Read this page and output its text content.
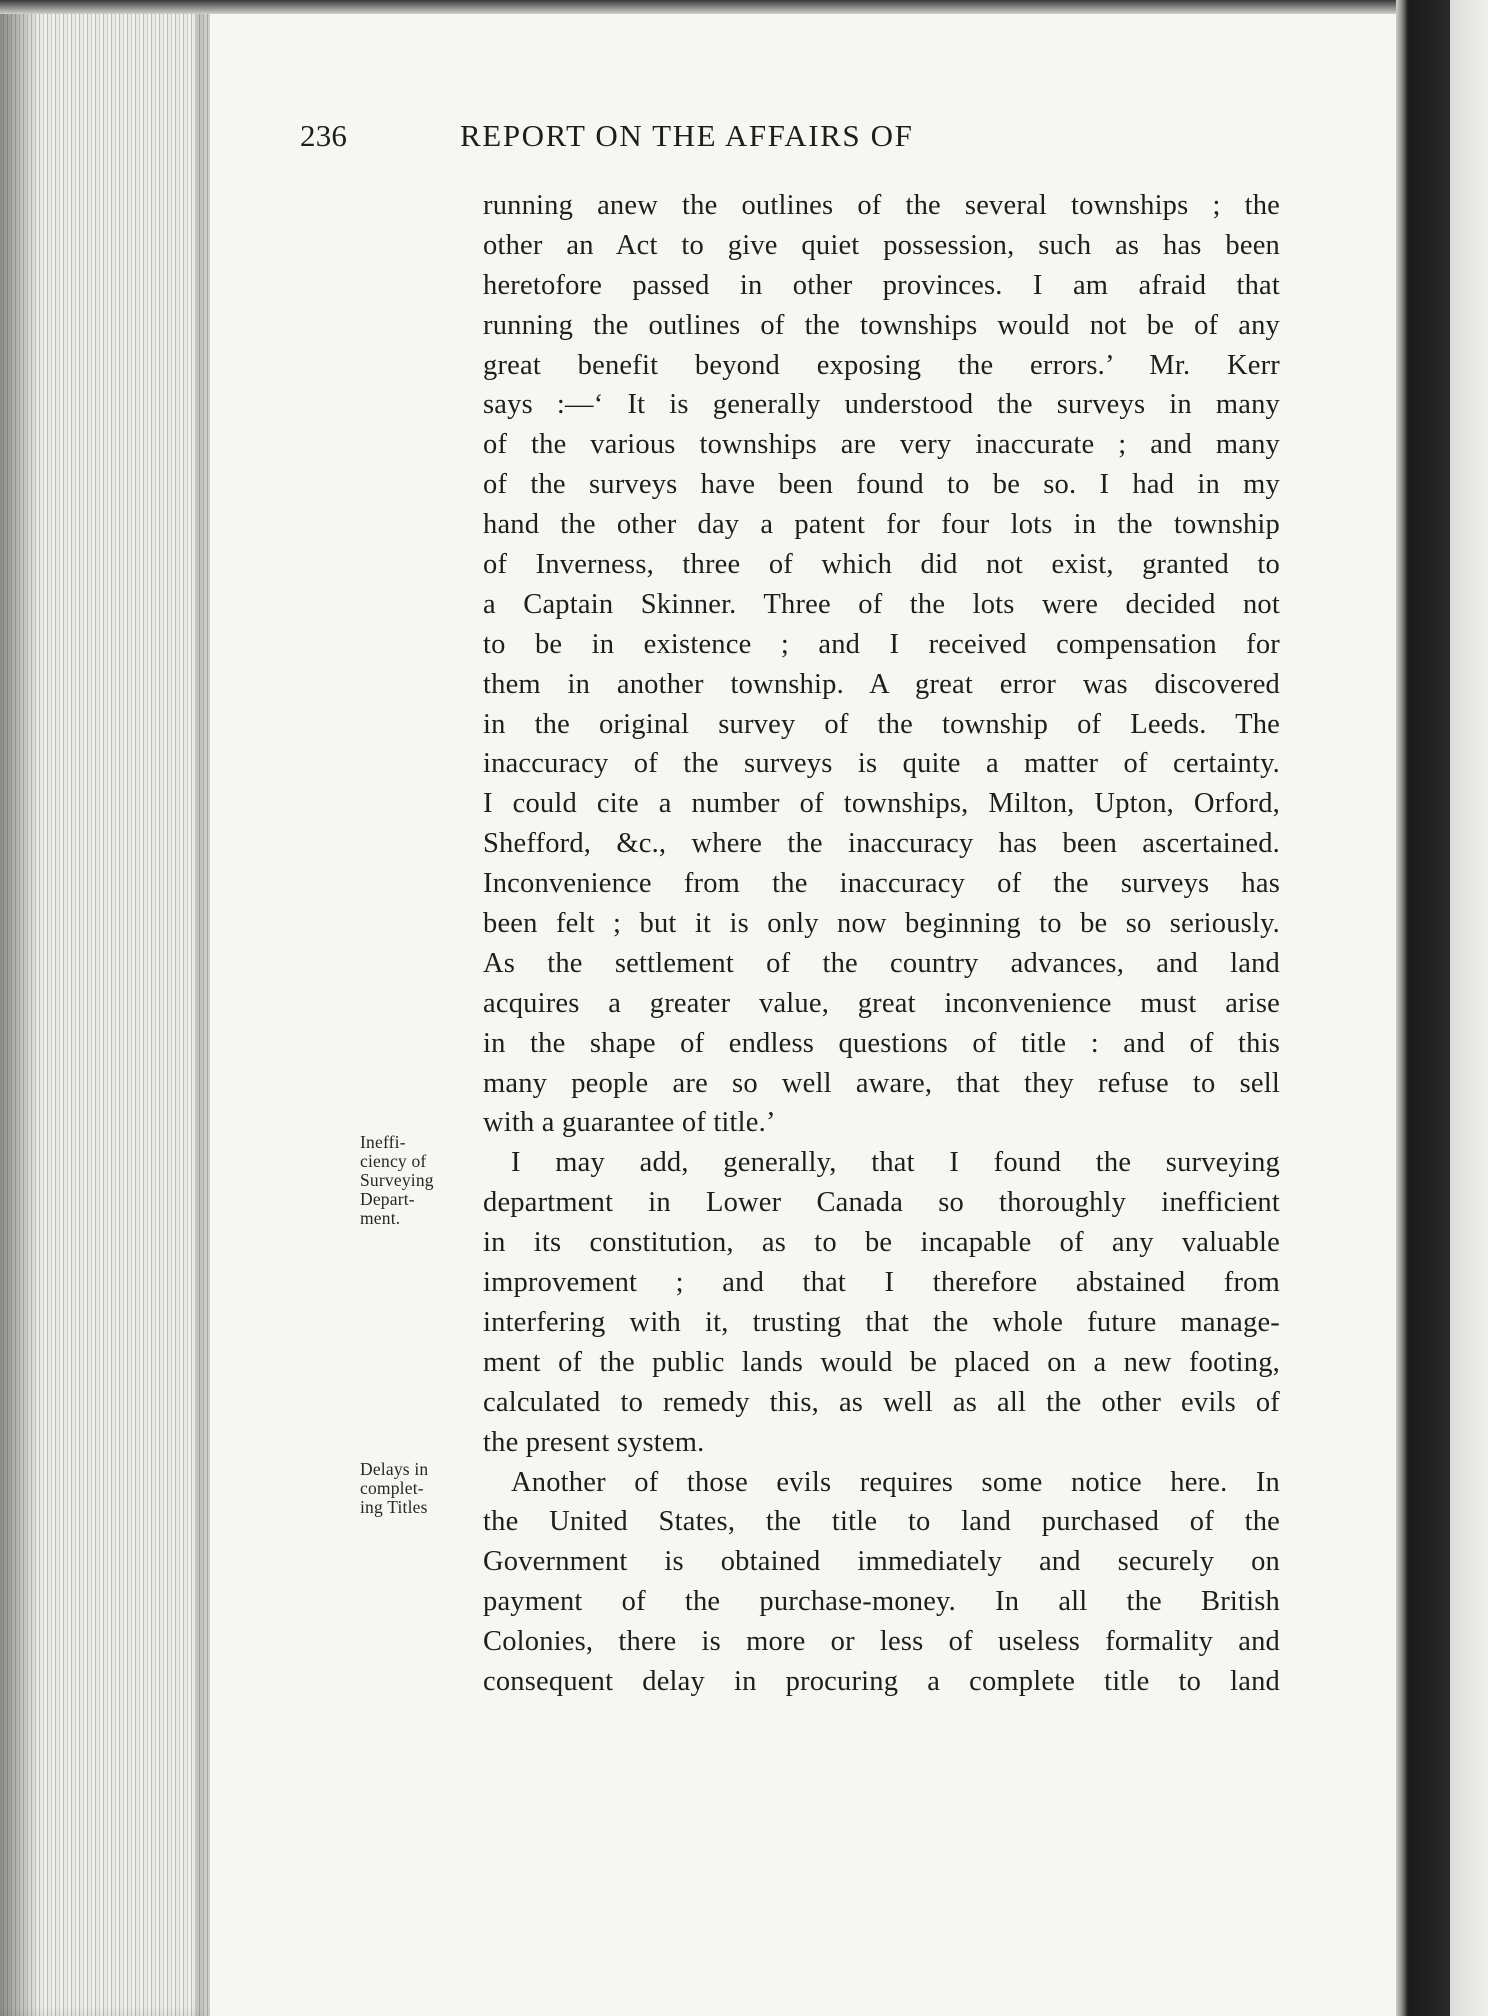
236	REPORT ON THE AFFAIRS OF
Ineffi-
ciency of
Surveying
Depart-
ment.
Delays in
complet-
ing Titles
running anew the outlines of the several townships ; the
other an Act to give quiet possession, such as has been
heretofore passed in other provinces. I am afraid that
running the outlines of the townships would not be of any
great benefit beyond exposing the errors.’ Mr. Kerr
says :—‘ It is generally understood the surveys in many
of the various townships are very inaccurate ; and many
of the surveys have been found to be so. I had in my
hand the other day a patent for four lots in the township
of Inverness, three of which did not exist, granted to
a Captain Skinner. Three of the lots were decided not
to be in existence ; and I received compensation for
them in another township. A great error was discovered
in the original survey of the township of Leeds. The
inaccuracy of the surveys is quite a matter of certainty.
I could cite a number of townships, Milton, Upton, Orford,
Shefford, &c., where the inaccuracy has been ascertained.
Inconvenience from the inaccuracy of the surveys has
been felt ; but it is only now beginning to be so seriously.
As the settlement of the country advances, and land
acquires a greater value, great inconvenience must arise
in the shape of endless questions of title : and of this
many people are so well aware, that they refuse to sell
with a guarantee of title.’
I may add, generally, that I found the surveying
department in Lower Canada so thoroughly inefficient
in its constitution, as to be incapable of any valuable
improvement ; and that I therefore abstained from
interfering with it, trusting that the whole future manage-
ment of the public lands would be placed on a new footing,
calculated to remedy this, as well as all the other evils of
the present system.
Another of those evils requires some notice here. In
the United States, the title to land purchased of the
Government is obtained immediately and securely on
payment of the purchase-money. In all the British
Colonies, there is more or less of useless formality and
consequent delay in procuring a complete title to land
